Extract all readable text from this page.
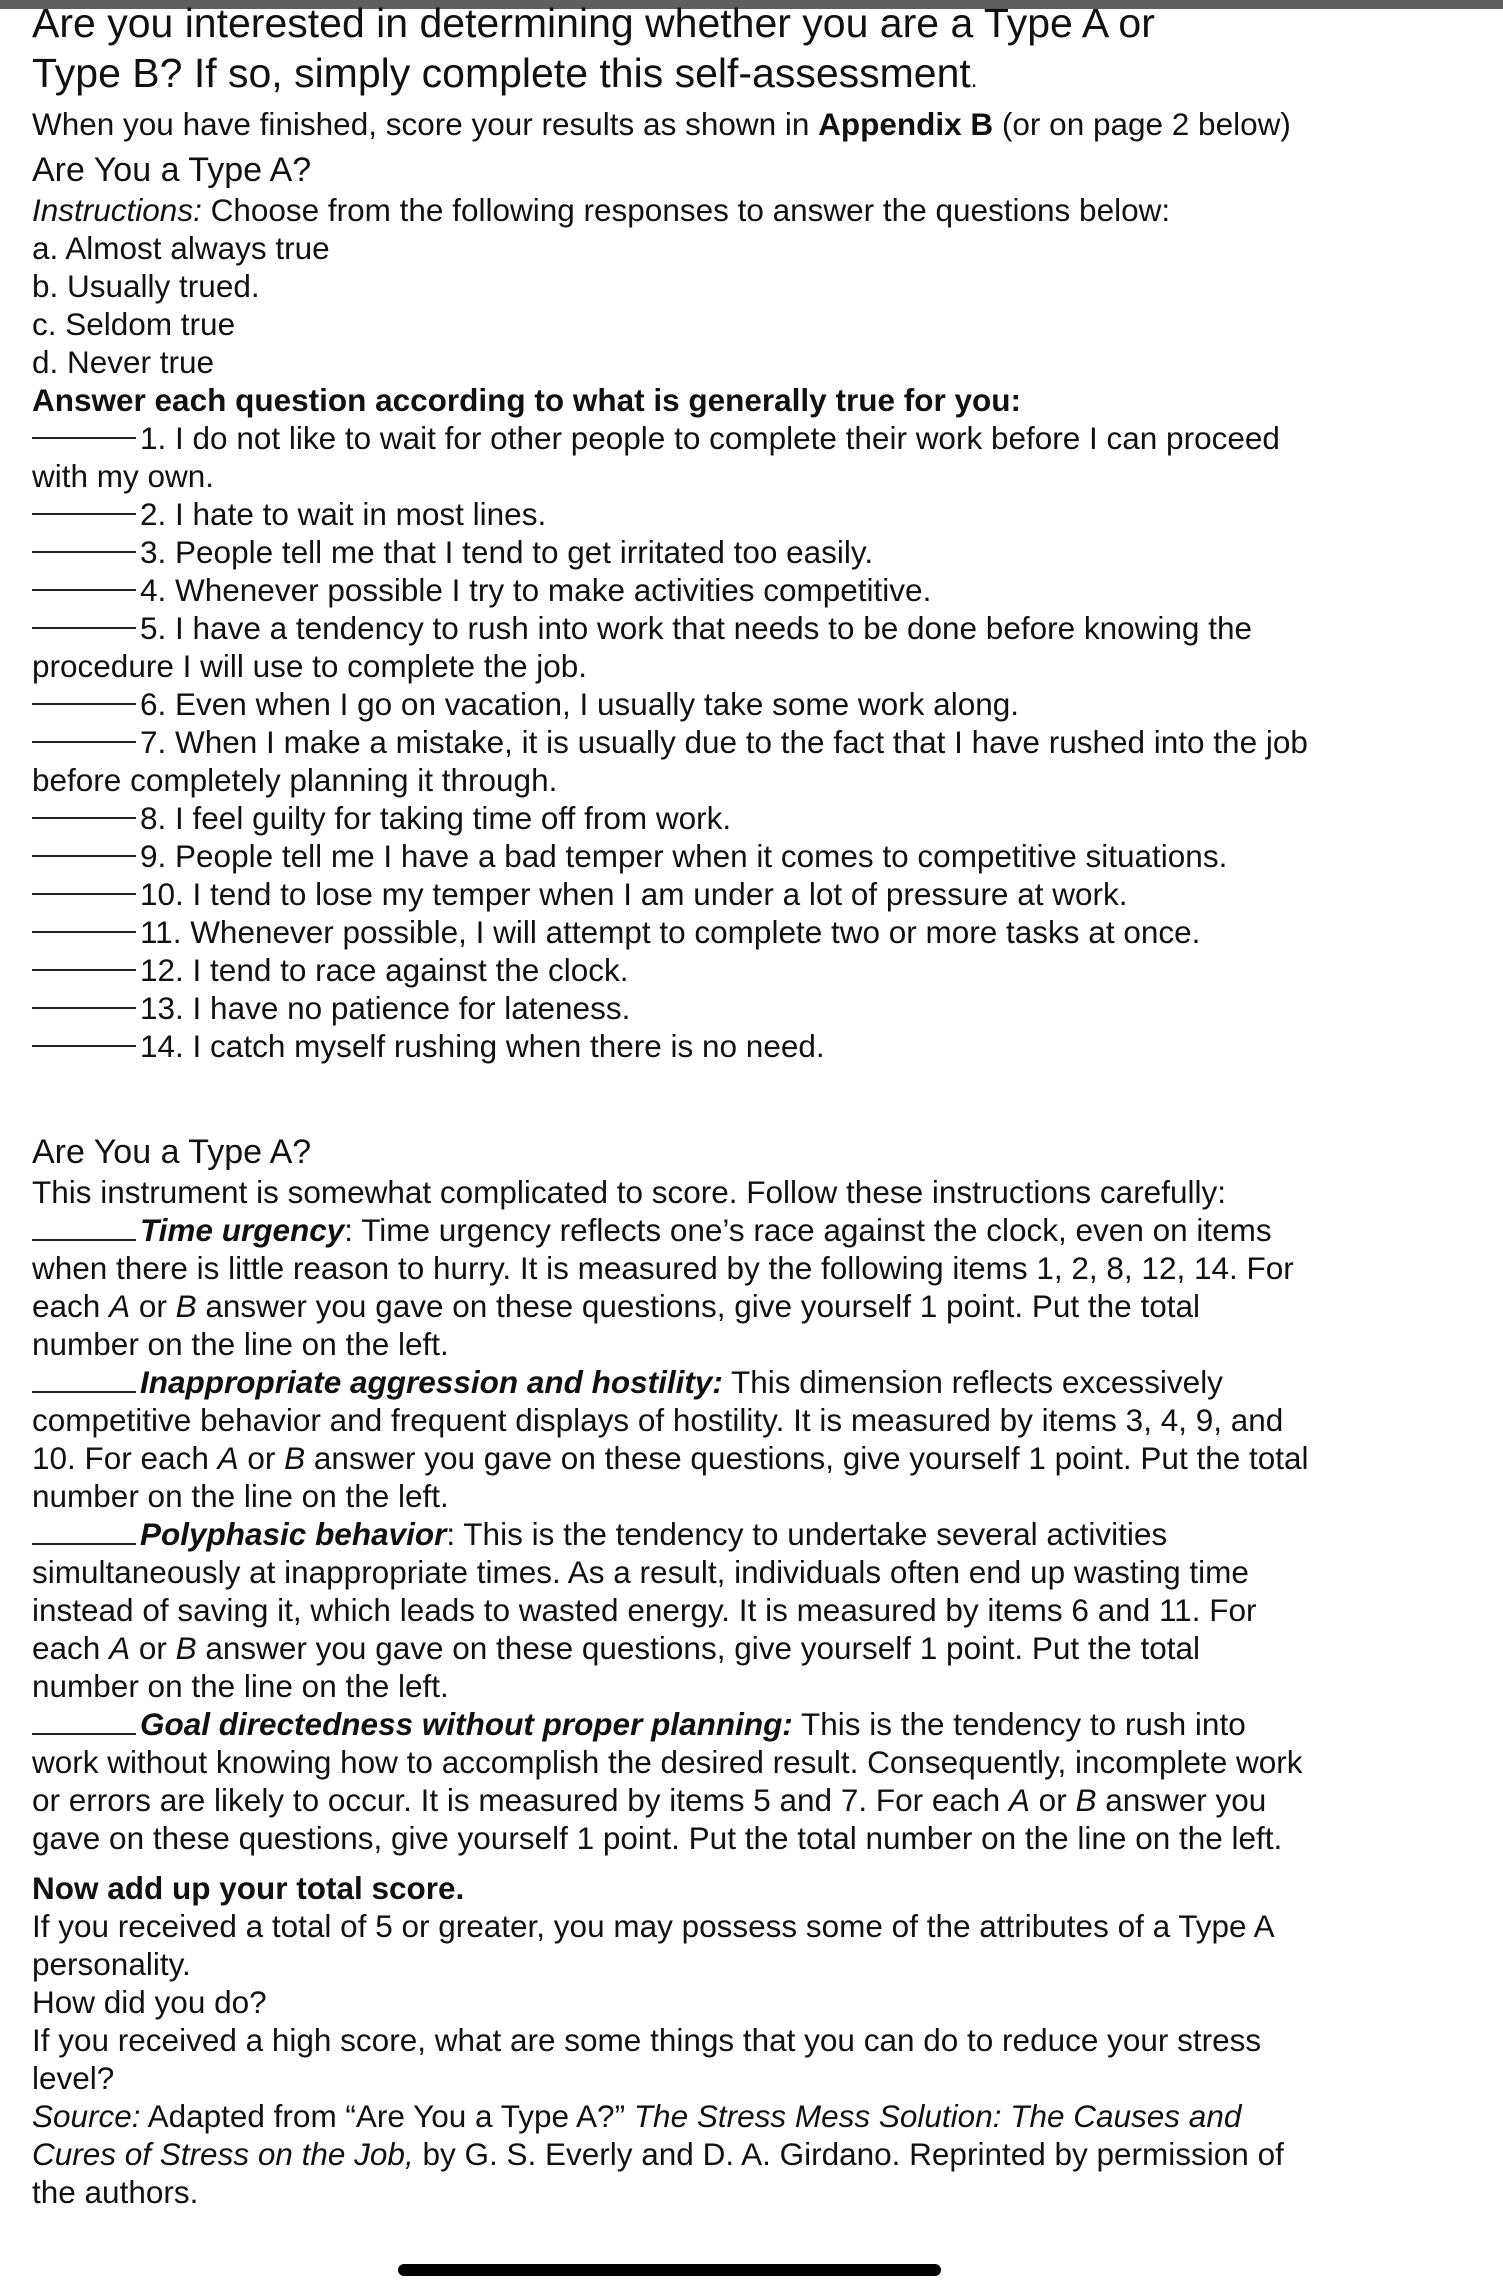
Are you interested in determining whether you are a Type A or
Type B? If so, simply complete this self-assessment.

When you have finished, score your results as shown in Appendix B (or on page 2 below)

Are You a Type A?

Instructions: Choose from the following responses to answer the questions below:

a. Almost always true

b. Usually trued.

c. Seldom true

d. Never true

Answer each question according to what is generally true for you:

1. I do not like to wait for other people to complete their work before I can proceed with my own.

2. I hate to wait in most lines.

3. People tell me that I tend to get irritated too easily.

4. Whenever possible I try to make activities competitive.

5. I have a tendency to rush into work that needs to be done before knowing the procedure I will use to complete the job.

6. Even when I go on vacation, I usually take some work along.

7. When I make a mistake, it is usually due to the fact that I have rushed into the job before completely planning it through.

8. I feel guilty for taking time off from work.

9. People tell me I have a bad temper when it comes to competitive situations.

10. I tend to lose my temper when I am under a lot of pressure at work.

11. Whenever possible, I will attempt to complete two or more tasks at once.

12. I tend to race against the clock.

13. I have no patience for lateness.

14. I catch myself rushing when there is no need.

Are You a Type A?

This instrument is somewhat complicated to score. Follow these instructions carefully:

Time urgency: Time urgency reflects one’s race against the clock, even on items when there is little reason to hurry. It is measured by the following items 1, 2, 8, 12, 14. For each A or B answer you gave on these questions, give yourself 1 point. Put the total number on the line on the left.

Inappropriate aggression and hostility: This dimension reflects excessively competitive behavior and frequent displays of hostility. It is measured by items 3, 4, 9, and 10. For each A or B answer you gave on these questions, give yourself 1 point. Put the total number on the line on the left.

Polyphasic behavior: This is the tendency to undertake several activities simultaneously at inappropriate times. As a result, individuals often end up wasting time instead of saving it, which leads to wasted energy. It is measured by items 6 and 11. For each A or B answer you gave on these questions, give yourself 1 point. Put the total number on the line on the left.

Goal directedness without proper planning: This is the tendency to rush into work without knowing how to accomplish the desired result. Consequently, incomplete work or errors are likely to occur. It is measured by items 5 and 7. For each A or B answer you gave on these questions, give yourself 1 point. Put the total number on the line on the left.

Now add up your total score.

If you received a total of 5 or greater, you may possess some of the attributes of a Type A personality.

How did you do?

If you received a high score, what are some things that you can do to reduce your stress level?

Source: Adapted from “Are You a Type A?” The Stress Mess Solution: The Causes and Cures of Stress on the Job, by G. S. Everly and D. A. Girdano. Reprinted by permission of the authors.
